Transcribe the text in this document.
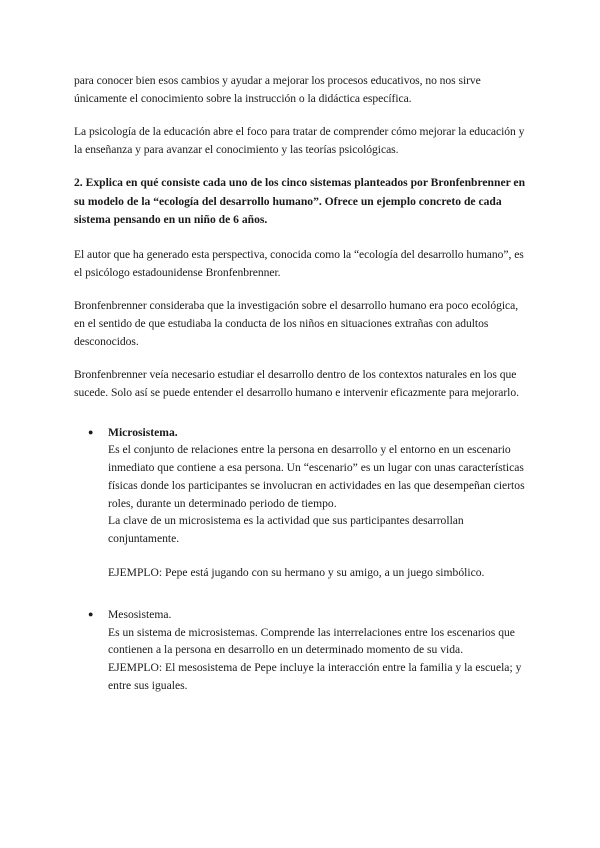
para conocer bien esos cambios y ayudar a mejorar los procesos educativos, no nos sirve únicamente el conocimiento sobre la instrucción o la didáctica específica.

La psicología de la educación abre el foco para tratar de comprender cómo mejorar la educación y la enseñanza y para avanzar el conocimiento y las teorías psicológicas.

2. Explica en qué consiste cada uno de los cinco sistemas planteados por Bronfenbrenner en su modelo de la “ecología del desarrollo humano”. Ofrece un ejemplo concreto de cada sistema pensando en un niño de 6 años.

El autor que ha generado esta perspectiva, conocida como la “ecología del desarrollo humano”, es el psicólogo estadounidense Bronfenbrenner.

Bronfenbrenner consideraba que la investigación sobre el desarrollo humano era poco ecológica, en el sentido de que estudiaba la conducta de los niños en situaciones extrañas con adultos desconocidos.

Bronfenbrenner veía necesario estudiar el desarrollo dentro de los contextos naturales en los que sucede. Solo así se puede entender el desarrollo humano e intervenir eficazmente para mejorarlo.

● Microsistema.
Es el conjunto de relaciones entre la persona en desarrollo y el entorno en un escenario inmediato que contiene a esa persona. Un “escenario” es un lugar con unas características físicas donde los participantes se involucran en actividades en las que desempeñan ciertos roles, durante un determinado periodo de tiempo.
La clave de un microsistema es la actividad que sus participantes desarrollan conjuntamente.
EJEMPLO: Pepe está jugando con su hermano y su amigo, a un juego simbólico.
● Mesosistema.
Es un sistema de microsistemas. Comprende las interrelaciones entre los escenarios que contienen a la persona en desarrollo en un determinado momento de su vida.
EJEMPLO: El mesosistema de Pepe incluye la interacción entre la familia y la escuela; y entre sus iguales.
